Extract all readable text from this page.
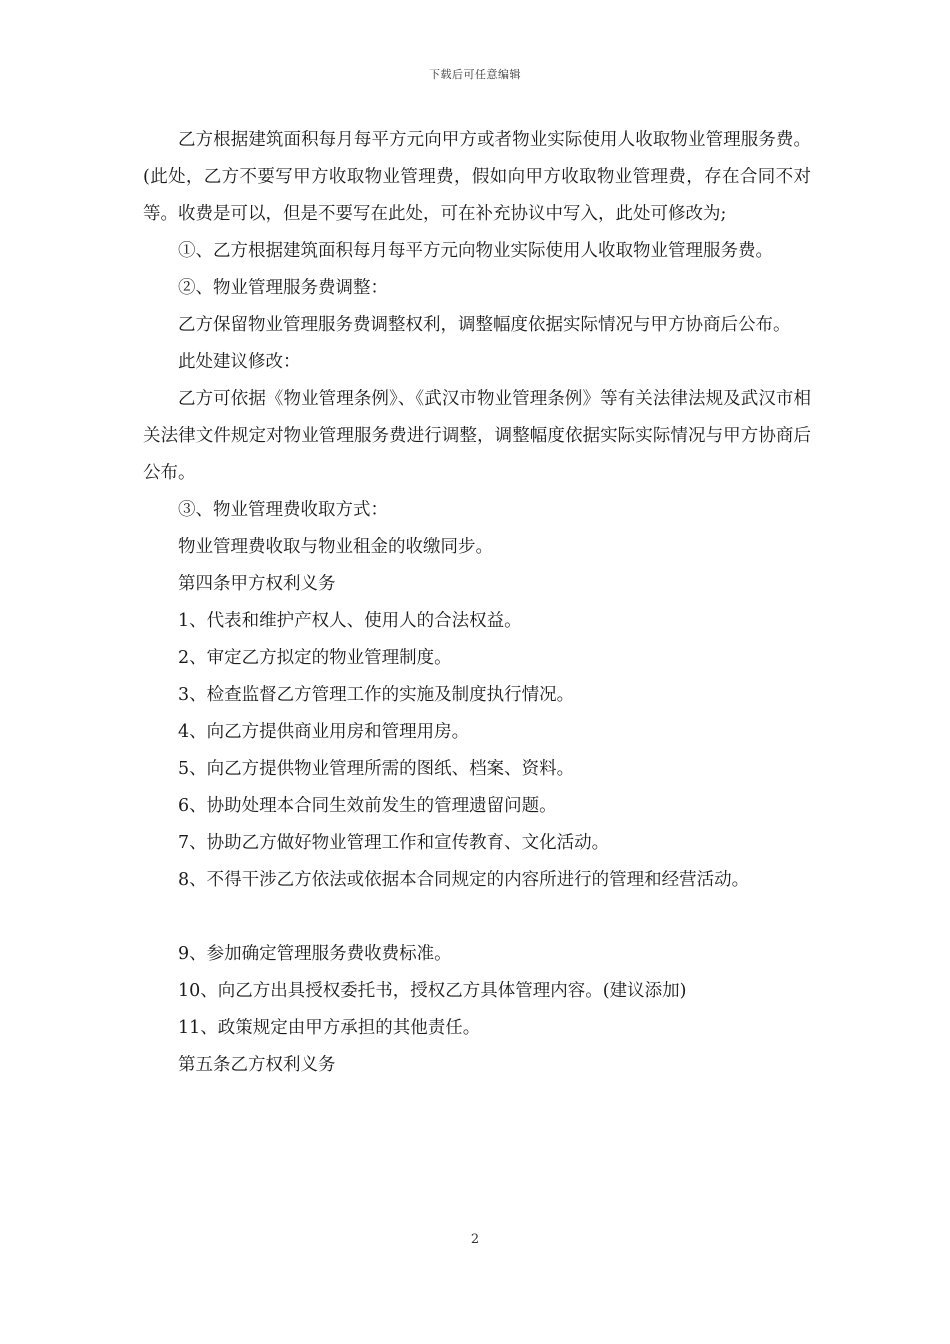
下载后可任意编辑

乙方根据建筑面积每月每平方元向甲方或者物业实际使用人收取物业管理服务费。(此处，乙方不要写甲方收取物业管理费，假如向甲方收取物业管理费，存在合同不对等。收费是可以，但是不要写在此处，可在补充协议中写入，此处可修改为;

①、乙方根据建筑面积每月每平方元向物业实际使用人收取物业管理服务费。

②、物业管理服务费调整：

乙方保留物业管理服务费调整权利，调整幅度依据实际情况与甲方协商后公布。

此处建议修改：

乙方可依据《物业管理条例》、《武汉市物业管理条例》等有关法律法规及武汉市相关法律文件规定对物业管理服务费进行调整，调整幅度依据实际实际情况与甲方协商后公布。

③、物业管理费收取方式：

物业管理费收取与物业租金的收缴同步。

第四条甲方权利义务

1、代表和维护产权人、使用人的合法权益。

2、审定乙方拟定的物业管理制度。

3、检查监督乙方管理工作的实施及制度执行情况。

4、向乙方提供商业用房和管理用房。

5、向乙方提供物业管理所需的图纸、档案、资料。

6、协助处理本合同生效前发生的管理遗留问题。

7、协助乙方做好物业管理工作和宣传教育、文化活动。

8、不得干涉乙方依法或依据本合同规定的内容所进行的管理和经营活动。

9、参加确定管理服务费收费标准。

10、向乙方出具授权委托书，授权乙方具体管理内容。(建议添加)

11、政策规定由甲方承担的其他责任。

第五条乙方权利义务

2
